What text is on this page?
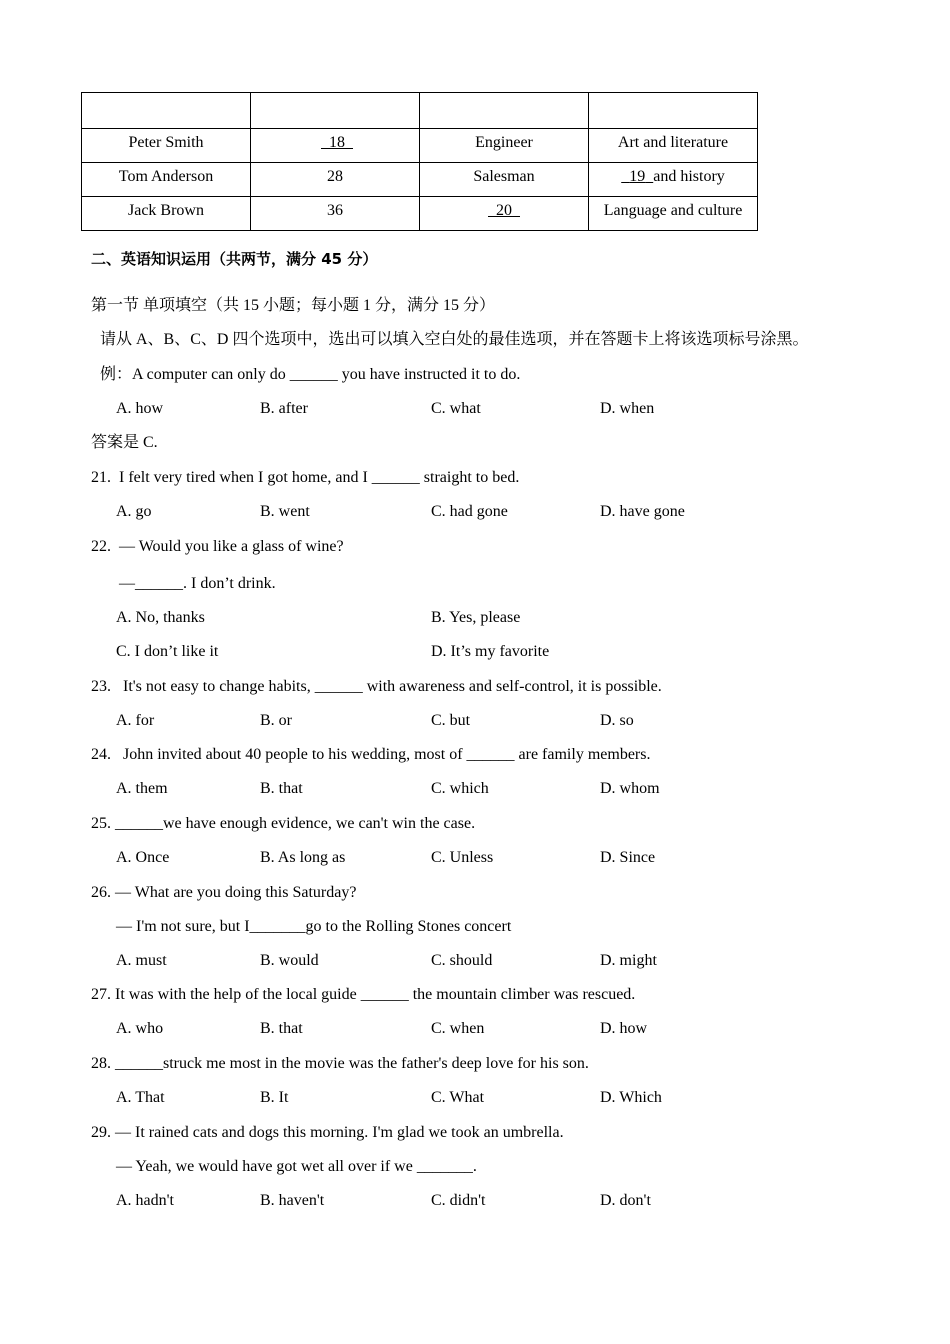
Peter Smith	18	Engineer	Art and literature
Tom Anderson	28	Salesman	19 and history
Jack Brown	36	20	Language and culture
二、英语知识运用（共两节，满分 45 分）
第一节 单项填空（共 15 小题；每小题 1 分，满分 15 分）
请从 A、B、C、D 四个选项中，选出可以填入空白处的最佳选项，并在答题卡上将该选项标号涂黑。
例：A computer can only do ______ you have instructed it to do.
A. how	B. after	C. what	D. when
答案是 C.
21. I felt very tired when I got home, and I ______ straight to bed.
A. go	B. went	C. had gone	D. have gone
22. — Would you like a glass of wine?
—______. I don’t drink.
A. No, thanks	B. Yes, please
C. I don’t like it	D. It’s my favorite
23. It's not easy to change habits, ______ with awareness and self-control, it is possible.
A. for	B. or	C. but	D. so
24. John invited about 40 people to his wedding, most of ______ are family members.
A. them	B. that	C. which	D. whom
25. ______we have enough evidence, we can't win the case.
A. Once	B. As long as	C. Unless	D. Since
26. — What are you doing this Saturday?
— I'm not sure, but I_______go to the Rolling Stones concert
A. must	B. would	C. should	D. might
27. It was with the help of the local guide ______ the mountain climber was rescued.
A. who	B. that	C. when	D. how
28. ______struck me most in the movie was the father's deep love for his son.
A. That	B. It	C. What	D. Which
29. — It rained cats and dogs this morning. I'm glad we took an umbrella.
— Yeah, we would have got wet all over if we _______.
A. hadn't	B. haven't	C. didn't	D. don't
